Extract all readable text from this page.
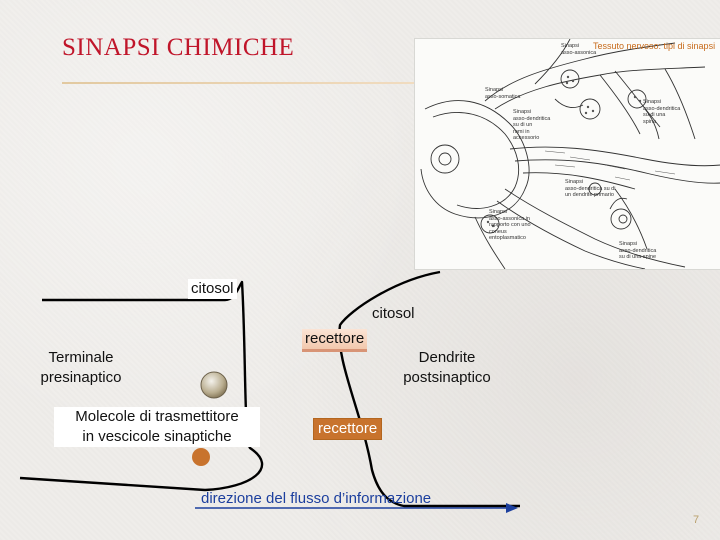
SINAPSI CHIMICHE	Tessuto nervoso: tipi di sinapsi
Sinapsi
asso-assonica
Sinapsi
asso-somatica
Sinapsi
asso-dendritica
su di un
rami in
accessorio
Sinapsi
asso-dendritica
su di una
spina
Sinapsi
asso-dendritica su di
un dendrite primario
Sinapsi
asso-assonica in
rapporto con uno
coneus
entoplasmatico
Sinapsi
asso-dendritica
su di una spine
citosol
citosol
recettore
Terminale
presinaptico
Dendrite
postsinaptico
Molecole di trasmettitore
in vescicole sinaptiche	recettore
direzione del flusso d’informazione
7
